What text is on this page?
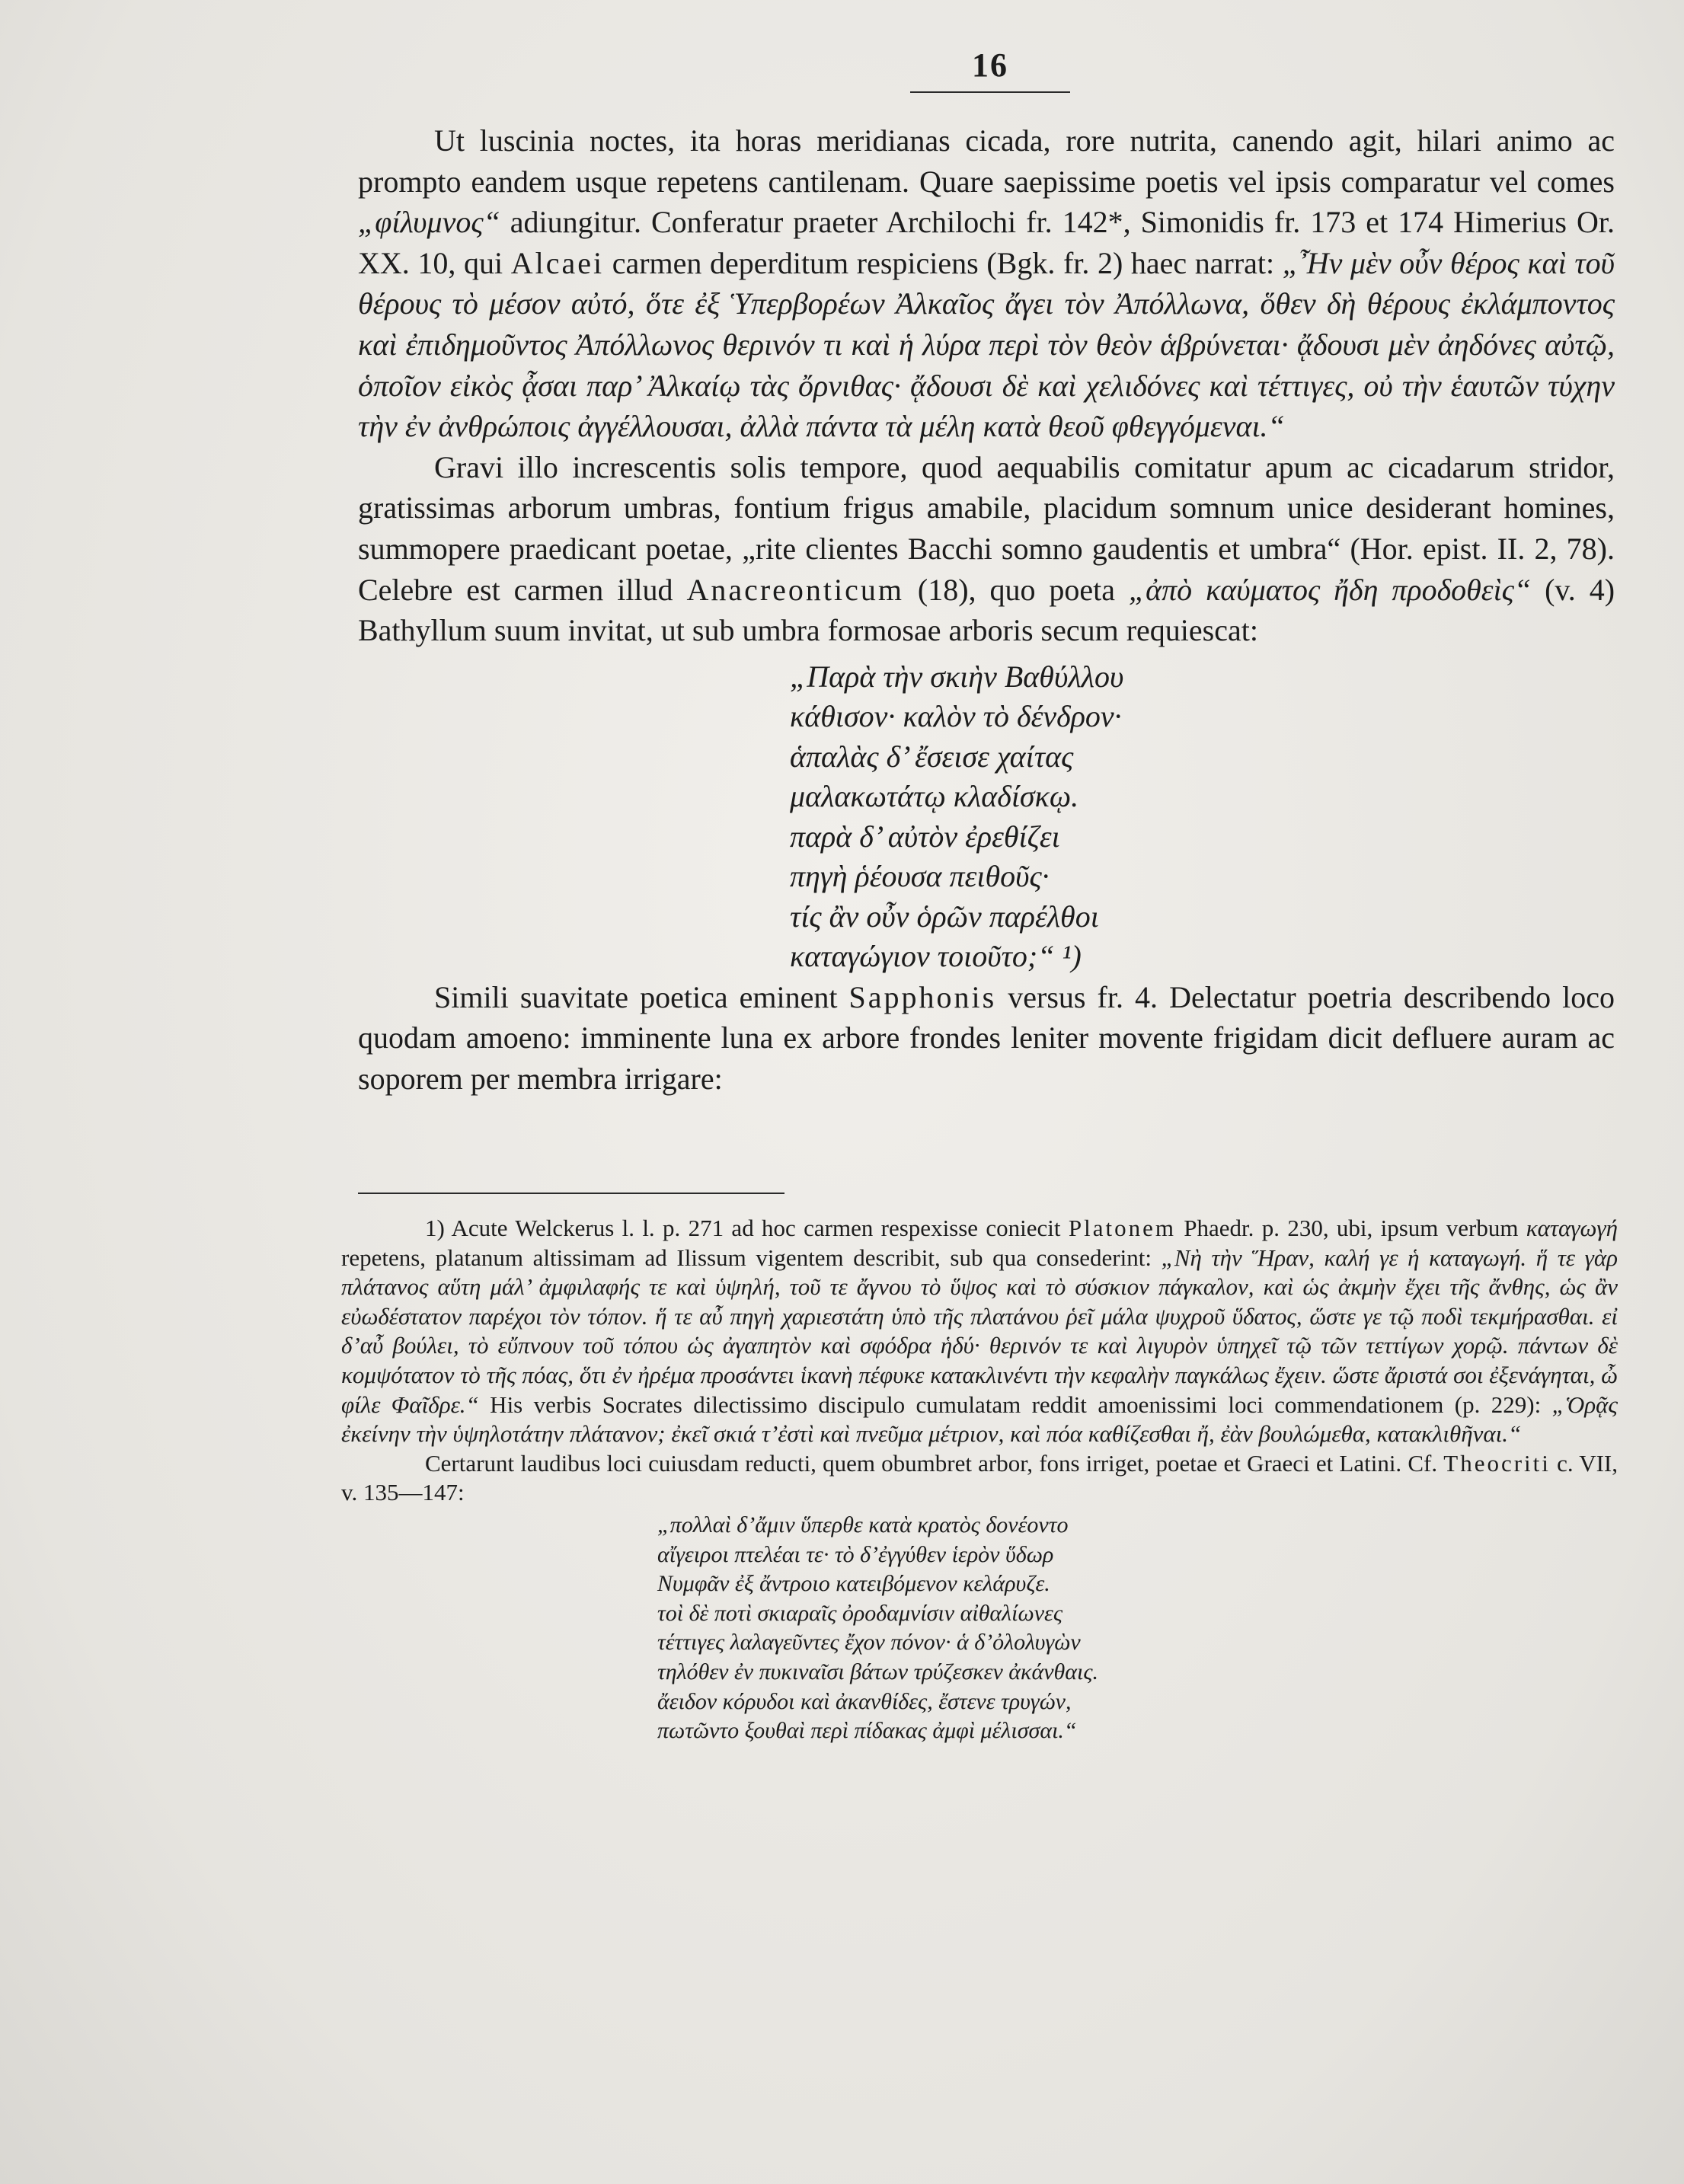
16

Ut luscinia noctes, ita horas meridianas cicada, rore nutrita, canendo agit, hilari animo ac prompto eandem usque repetens cantilenam. Quare saepissime poetis vel ipsis comparatur vel comes „φίλυμνος“ adiungitur. Conferatur praeter Archilochi fr. 142*, Simonidis fr. 173 et 174 Himerius Or. XX. 10, qui Alcaei carmen deperditum respiciens (Bgk. fr. 2) haec narrat: „Ἦν μὲν οὖν θέρος καὶ τοῦ θέρους τὸ μέσον αὐτό, ὅτε ἐξ Ὑπερβορέων Ἀλκαῖος ἄγει τὸν Ἀπόλλωνα, ὅθεν δὴ θέρους ἐκλάμποντος καὶ ἐπιδημοῦντος Ἀπόλλωνος θερινόν τι καὶ ἡ λύρα περὶ τὸν θεὸν ἁβρύνεται· ᾄδουσι μὲν ἀηδόνες αὐτῷ, ὁποῖον εἰκὸς ᾆσαι παρ’ Ἀλκαίῳ τὰς ὄρνιθας· ᾄδουσι δὲ καὶ χελιδόνες καὶ τέττιγες, οὐ τὴν ἑαυτῶν τύχην τὴν ἐν ἀνθρώποις ἀγγέλλουσαι, ἀλλὰ πάντα τὰ μέλη κατὰ θεοῦ φθεγγόμεναι.“

Gravi illo increscentis solis tempore, quod aequabilis comitatur apum ac cicadarum stridor, gratissimas arborum umbras, fontium frigus amabile, placidum somnum unice desiderant homines, summopere praedicant poetae, „rite clientes Bacchi somno gaudentis et umbra“ (Hor. epist. II. 2, 78). Celebre est carmen illud Anacreonticum (18), quo poeta „ἀπὸ καύματος ἤδη προδοθεὶς“ (v. 4) Bathyllum suum invitat, ut sub umbra formosae arboris secum requiescat:

„Παρὰ τὴν σκιὴν Βαθύλλου
κάθισον· καλὸν τὸ δένδρον·
ἁπαλὰς δ’ ἔσεισε χαίτας
μαλακωτάτῳ κλαδίσκῳ.
παρὰ δ’ αὐτὸν ἐρεθίζει
πηγὴ ῥέουσα πειθοῦς·
τίς ἂν οὖν ὁρῶν παρέλθοι
καταγώγιον τοιοῦτο;“ ¹)

Simili suavitate poetica eminent Sapphonis versus fr. 4. Delectatur poetria describendo loco quodam amoeno: imminente luna ex arbore frondes leniter movente frigidam dicit defluere auram ac soporem per membra irrigare:

1) Acute Welckerus l. l. p. 271 ad hoc carmen respexisse coniecit Platonem Phaedr. p. 230, ubi, ipsum verbum καταγωγή repetens, platanum altissimam ad Ilissum vigentem describit, sub qua consederint: „Νὴ τὴν Ἥραν, καλή γε ἡ καταγωγή. ἥ τε γὰρ πλάτανος αὕτη μάλ’ ἀμφιλαφής τε καὶ ὑψηλή, τοῦ τε ἄγνου τὸ ὕψος καὶ τὸ σύσκιον πάγκαλον, καὶ ὡς ἀκμὴν ἔχει τῆς ἄνθης, ὡς ἂν εὐωδέστατον παρέχοι τὸν τόπον. ἥ τε αὖ πηγὴ χαριεστάτη ὑπὸ τῆς πλατάνου ῥεῖ μάλα ψυχροῦ ὕδατος, ὥστε γε τῷ ποδὶ τεκμήρασθαι. εἰ δ’αὖ βούλει, τὸ εὔπνουν τοῦ τόπου ὡς ἀγαπητὸν καὶ σφόδρα ἡδύ· θερινόν τε καὶ λιγυρὸν ὑπηχεῖ τῷ τῶν τεττίγων χορῷ. πάντων δὲ κομψότατον τὸ τῆς πόας, ὅτι ἐν ἠρέμα προσάντει ἱκανὴ πέφυκε κατακλινέντι τὴν κεφαλὴν παγκάλως ἔχειν. ὥστε ἄριστά σοι ἐξενάγηται, ὦ φίλε Φαῖδρε.“ His verbis Socrates dilectissimo discipulo cumulatam reddit amoenissimi loci commendationem (p. 229): „Ὁρᾷς ἐκείνην τὴν ὑψηλοτάτην πλάτανον; ἐκεῖ σκιά τ’ἐστὶ καὶ πνεῦμα μέτριον, καὶ πόα καθίζεσθαι ἤ, ἐὰν βουλώμεθα, κατακλιθῆναι.“

Certarunt laudibus loci cuiusdam reducti, quem obumbret arbor, fons irriget, poetae et Graeci et Latini. Cf. Theocriti c. VII, v. 135—147:

„πολλαὶ δ’ἄμιν ὕπερθε κατὰ κρατὸς δονέοντο
αἴγειροι πτελέαι τε· τὸ δ’ἐγγύθεν ἱερὸν ὕδωρ
Νυμφᾶν ἐξ ἄντροιο κατειβόμενον κελάρυζε.
τοὶ δὲ ποτὶ σκιαραῖς ὀροδαμνίσιν αἰθαλίωνες
τέττιγες λαλαγεῦντες ἔχον πόνον· ἁ δ’ὀλολυγὼν
τηλόθεν ἐν πυκιναῖσι βάτων τρύζεσκεν ἀκάνθαις.
ἄειδον κόρυδοι καὶ ἀκανθίδες, ἔστενε τρυγών,
πωτῶντο ξουθαὶ περὶ πίδακας ἀμφὶ μέλισσαι.“
